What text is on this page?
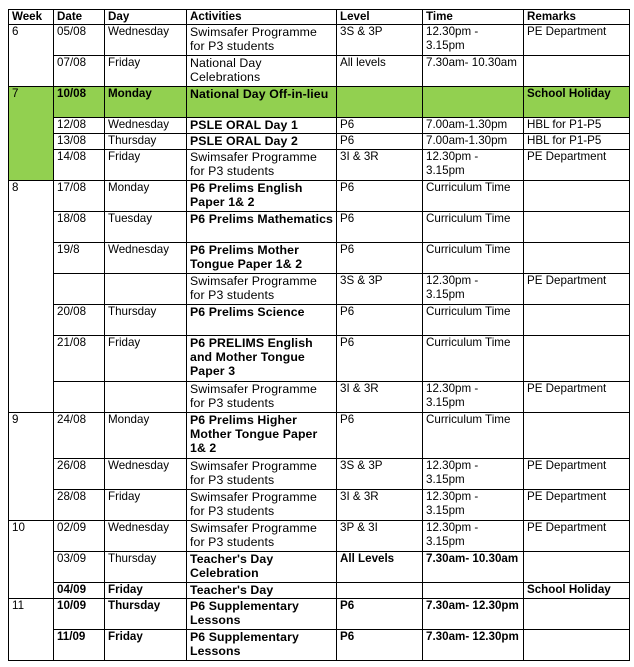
Week	Date	Day	Activities	Level	Time	Remarks
6	05/08	Wednesday	Swimsafer Programme for P3 students	3S & 3P	12.30pm - 3.15pm	PE Department
	07/08	Friday	National Day Celebrations	All levels	7.30am- 10.30am	
7	10/08	Monday	National Day Off-in-lieu			School Holiday
	12/08	Wednesday	PSLE ORAL Day 1	P6	7.00am-1.30pm	HBL for P1-P5
	13/08	Thursday	PSLE ORAL Day 2	P6	7.00am-1.30pm	HBL for P1-P5
	14/08	Friday	Swimsafer Programme for P3 students	3I & 3R	12.30pm - 3.15pm	PE Department
8	17/08	Monday	P6 Prelims English Paper 1& 2	P6	Curriculum Time	
	18/08	Tuesday	P6 Prelims Mathematics	P6	Curriculum Time	
	19/8	Wednesday	P6 Prelims Mother Tongue Paper 1& 2	P6	Curriculum Time	
			Swimsafer Programme for P3 students	3S & 3P	12.30pm - 3.15pm	PE Department
	20/08	Thursday	P6 Prelims Science	P6	Curriculum Time	
	21/08	Friday	P6 PRELIMS English and Mother Tongue Paper 3	P6	Curriculum Time	
			Swimsafer Programme for P3 students	3I & 3R	12.30pm - 3.15pm	PE Department
9	24/08	Monday	P6 Prelims Higher Mother Tongue Paper 1& 2	P6	Curriculum Time	
	26/08	Wednesday	Swimsafer Programme for P3 students	3S & 3P	12.30pm - 3.15pm	PE Department
	28/08	Friday	Swimsafer Programme for P3 students	3I & 3R	12.30pm - 3.15pm	PE Department
10	02/09	Wednesday	Swimsafer Programme for P3 students	3P & 3I	12.30pm - 3.15pm	PE Department
	03/09	Thursday	Teacher's Day Celebration	All Levels	7.30am- 10.30am	
	04/09	Friday	Teacher's Day			School Holiday
11	10/09	Thursday	P6 Supplementary Lessons	P6	7.30am- 12.30pm	
	11/09	Friday	P6 Supplementary Lessons	P6	7.30am- 12.30pm	
